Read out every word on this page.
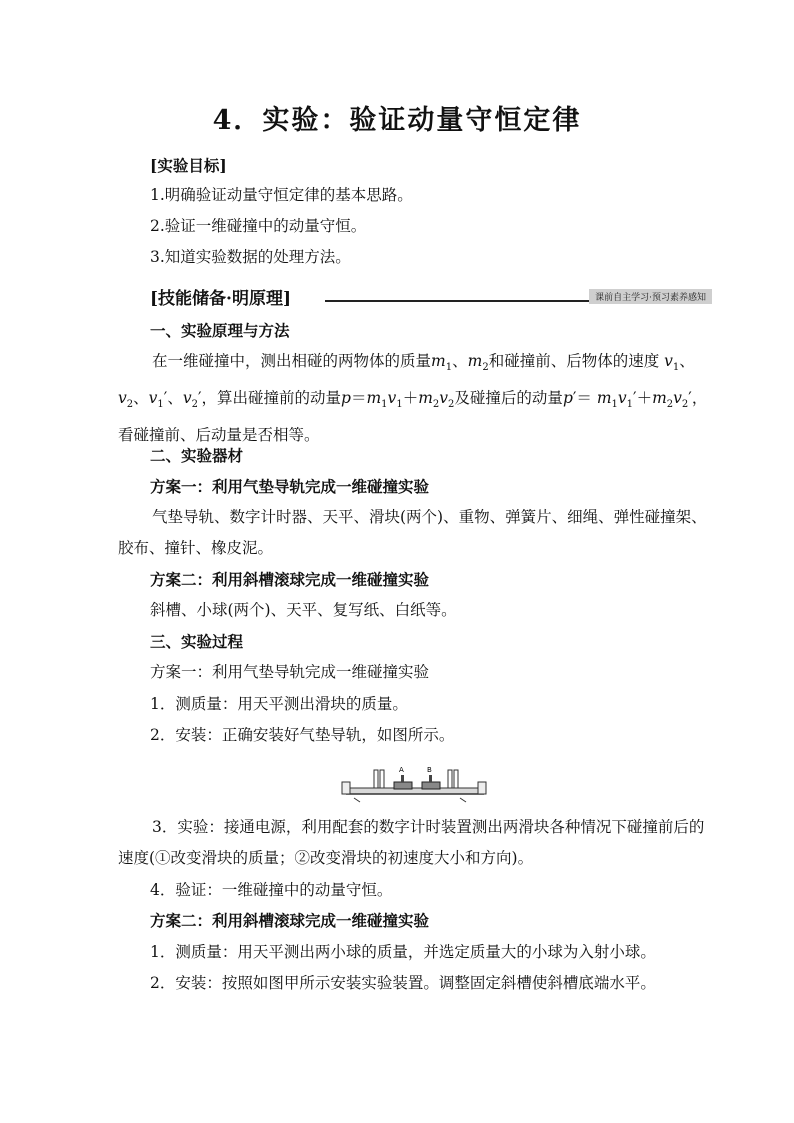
4．实验：验证动量守恒定律
[实验目标]
1.明确验证动量守恒定律的基本思路。
2.验证一维碰撞中的动量守恒。
3.知道实验数据的处理方法。
[技能储备·明原理]	课前自主学习·预习素养感知
一、实验原理与方法
在一维碰撞中，测出相碰的两物体的质量$m_1$、$m_2$和碰撞前、后物体的速度 $v_1$、$v_2$、$v_1'$、$v_2'$，算出碰撞前的动量$p=m_1v_1+m_2v_2$及碰撞后的动量$p'= m_1v_1'+m_2v_2'$，看碰撞前、后动量是否相等。
二、实验器材
方案一：利用气垫导轨完成一维碰撞实验
气垫导轨、数字计时器、天平、滑块(两个)、重物、弹簧片、细绳、弹性碰撞架、胶布、撞针、橡皮泥。
方案二：利用斜槽滚球完成一维碰撞实验
斜槽、小球(两个)、天平、复写纸、白纸等。
三、实验过程
方案一：利用气垫导轨完成一维碰撞实验
1．测质量：用天平测出滑块的质量。
2．安装：正确安装好气垫导轨，如图所示。
A	B
3．实验：接通电源，利用配套的数字计时装置测出两滑块各种情况下碰撞前后的速度(①改变滑块的质量；②改变滑块的初速度大小和方向)。
4．验证：一维碰撞中的动量守恒。
方案二：利用斜槽滚球完成一维碰撞实验
1．测质量：用天平测出两小球的质量，并选定质量大的小球为入射小球。
2．安装：按照如图甲所示安装实验装置。调整固定斜槽使斜槽底端水平。
